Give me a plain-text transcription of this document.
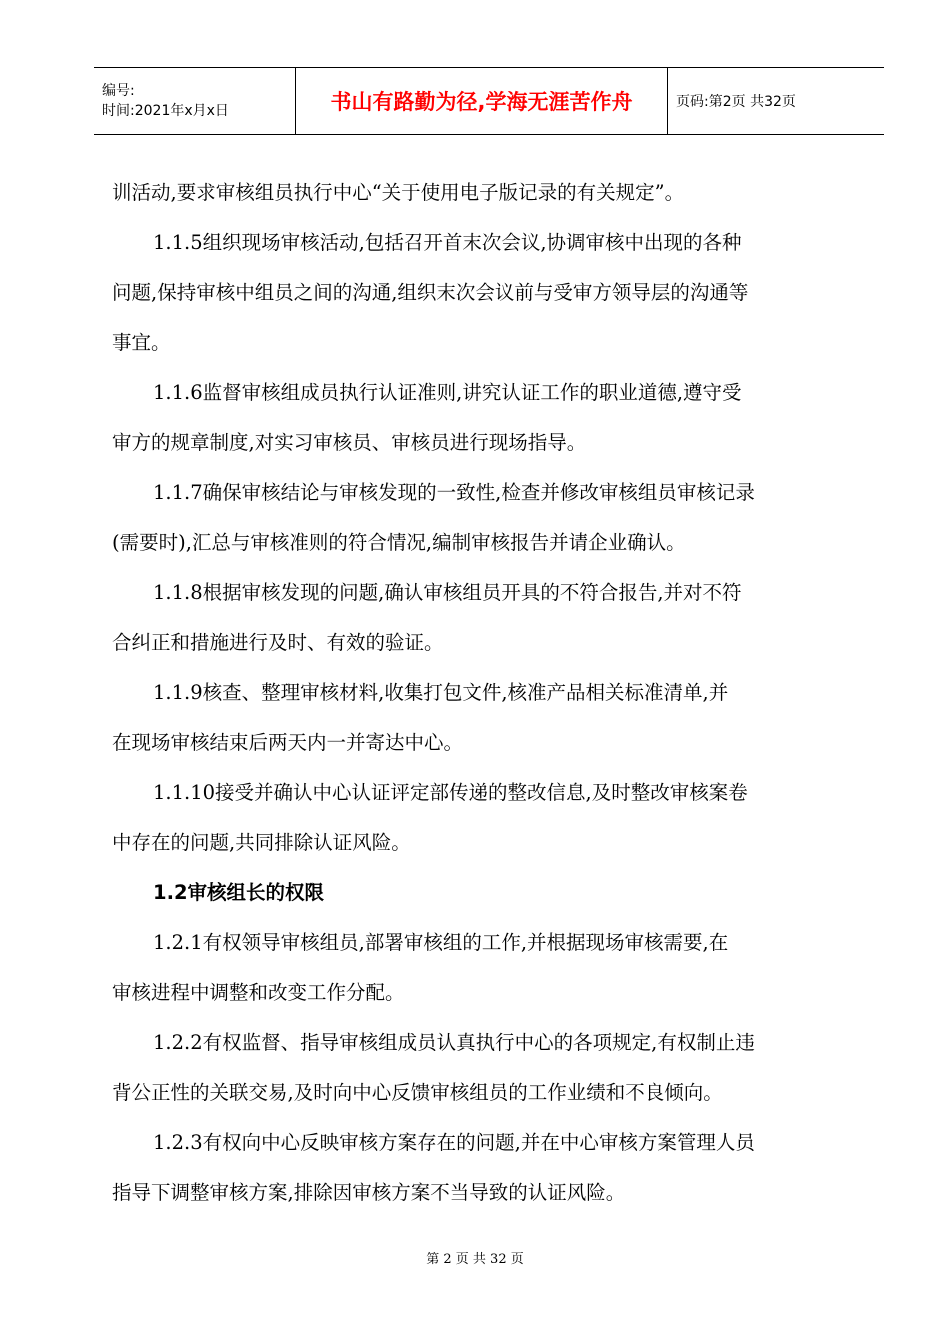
编号:
时间:2021年x月x日	书山有路勤为径,学海无涯苦作舟	页码:第2页 共32页

训活动,要求审核组员执行中心“关于使用电子版记录的有关规定”。

1.1.5组织现场审核活动,包括召开首末次会议,协调审核中出现的各种

问题,保持审核中组员之间的沟通,组织末次会议前与受审方领导层的沟通等

事宜。

1.1.6监督审核组成员执行认证准则,讲究认证工作的职业道德,遵守受

审方的规章制度,对实习审核员、审核员进行现场指导。

1.1.7确保审核结论与审核发现的一致性,检查并修改审核组员审核记录

(需要时),汇总与审核准则的符合情况,编制审核报告并请企业确认。

1.1.8根据审核发现的问题,确认审核组员开具的不符合报告,并对不符

合纠正和措施进行及时、有效的验证。

1.1.9核查、整理审核材料,收集打包文件,核准产品相关标准清单,并

在现场审核结束后两天内一并寄达中心。

1.1.10接受并确认中心认证评定部传递的整改信息,及时整改审核案卷

中存在的问题,共同排除认证风险。

1.2审核组长的权限

1.2.1有权领导审核组员,部署审核组的工作,并根据现场审核需要,在

审核进程中调整和改变工作分配。

1.2.2有权监督、指导审核组成员认真执行中心的各项规定,有权制止违

背公正性的关联交易,及时向中心反馈审核组员的工作业绩和不良倾向。

1.2.3有权向中心反映审核方案存在的问题,并在中心审核方案管理人员

指导下调整审核方案,排除因审核方案不当导致的认证风险。

第 2 页 共 32 页
